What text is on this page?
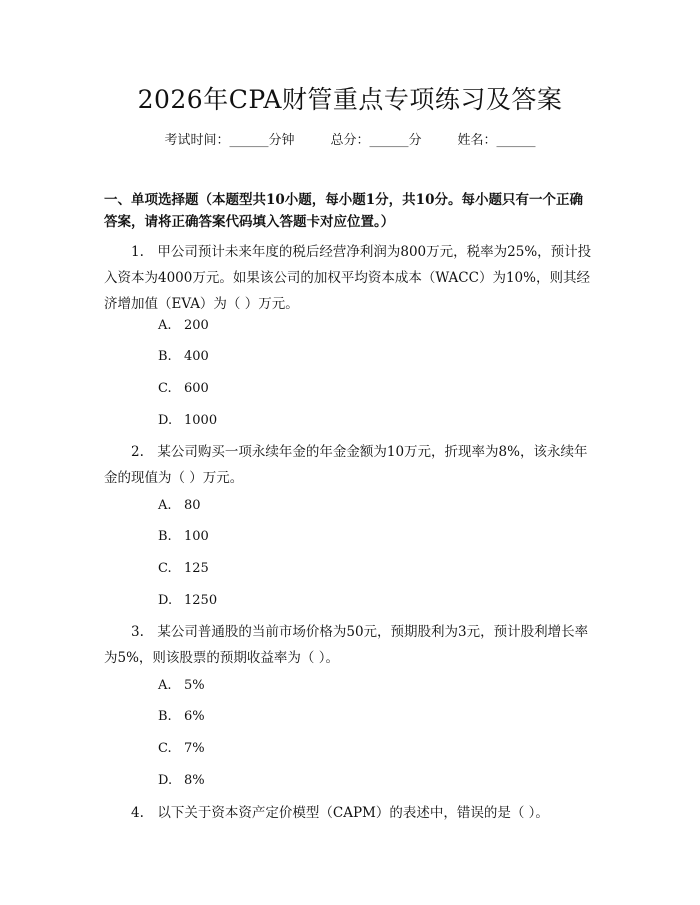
2026年CPA财管重点专项练习及答案
考试时间：______分钟	总分：______分	姓名：______
一、单项选择题（本题型共10小题，每小题1分，共10分。每小题只有一个正确答案，请将正确答案代码填入答题卡对应位置。）
1.　甲公司预计未来年度的税后经营净利润为800万元，税率为25%，预计投入资本为4000万元。如果该公司的加权平均资本成本（WACC）为10%，则其经济增加值（EVA）为（ ）万元。
A. 200
B. 400
C. 600
D. 1000
2.　某公司购买一项永续年金的年金金额为10万元，折现率为8%，该永续年金的现值为（ ）万元。
A. 80
B. 100
C. 125
D. 1250
3.　某公司普通股的当前市场价格为50元，预期股利为3元，预计股利增长率为5%，则该股票的预期收益率为（ ）。
A. 5%
B. 6%
C. 7%
D. 8%
4.　以下关于资本资产定价模型（CAPM）的表述中，错误的是（ ）。
